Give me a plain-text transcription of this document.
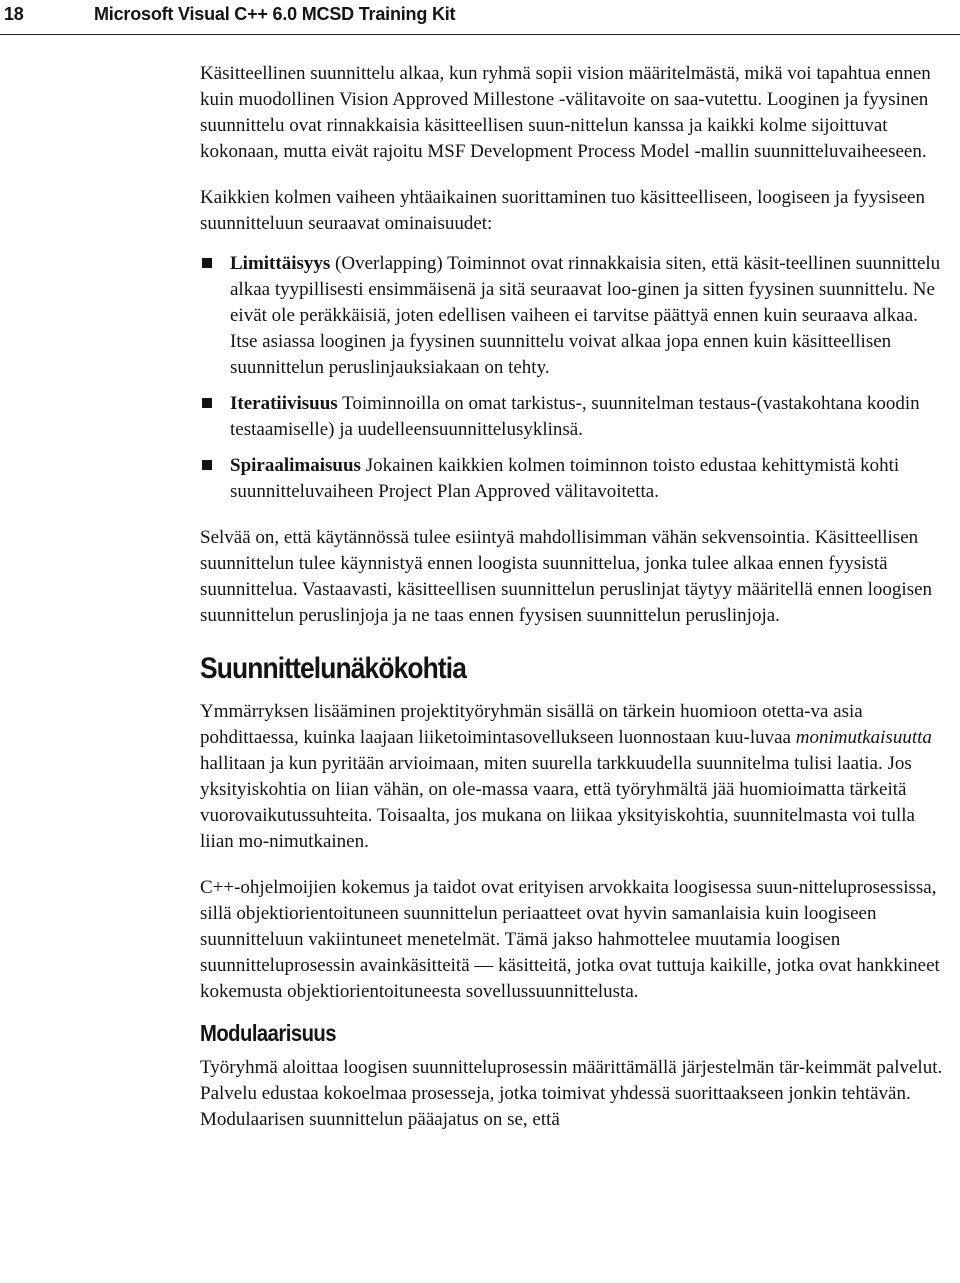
18	Microsoft Visual C++ 6.0 MCSD Training Kit

Käsitteellinen suunnittelu alkaa, kun ryhmä sopii vision määritelmästä, mikä voi tapahtua ennen kuin muodollinen Vision Approved Millestone -välitavoite on saa-vutettu. Looginen ja fyysinen suunnittelu ovat rinnakkaisia käsitteellisen suun-nittelun kanssa ja kaikki kolme sijoittuvat kokonaan, mutta eivät rajoitu MSF Development Process Model -mallin suunnitteluvaiheeseen.

Kaikkien kolmen vaiheen yhtäaikainen suorittaminen tuo käsitteelliseen, loogiseen ja fyysiseen suunnitteluun seuraavat ominaisuudet:

Limittäisyys (Overlapping) Toiminnot ovat rinnakkaisia siten, että käsit-teellinen suunnittelu alkaa tyypillisesti ensimmäisenä ja sitä seuraavat loo-ginen ja sitten fyysinen suunnittelu. Ne eivät ole peräkkäisiä, joten edellisen vaiheen ei tarvitse päättyä ennen kuin seuraava alkaa. Itse asiassa looginen ja fyysinen suunnittelu voivat alkaa jopa ennen kuin käsitteellisen suunnittelun peruslinjauksiakaan on tehty.
Iteratiivisuus Toiminnoilla on omat tarkistus-, suunnitelman testaus-(vastakohtana koodin testaamiselle) ja uudelleensuunnittelusyklinsä.
Spiraalimaisuus Jokainen kaikkien kolmen toiminnon toisto edustaa kehittymistä kohti suunnitteluvaiheen Project Plan Approved välitavoitetta.

Selvää on, että käytännössä tulee esiintyä mahdollisimman vähän sekvensointia. Käsitteellisen suunnittelun tulee käynnistyä ennen loogista suunnittelua, jonka tulee alkaa ennen fyysistä suunnittelua. Vastaavasti, käsitteellisen suunnittelun peruslinjat täytyy määritellä ennen loogisen suunnittelun peruslinjoja ja ne taas ennen fyysisen suunnittelun peruslinjoja.

Suunnittelunäkökohtia

Ymmärryksen lisääminen projektityöryhmän sisällä on tärkein huomioon otetta-va asia pohdittaessa, kuinka laajaan liiketoimintasovellukseen luonnostaan kuu-luvaa monimutkaisuutta hallitaan ja kun pyritään arvioimaan, miten suurella tarkkuudella suunnitelma tulisi laatia. Jos yksityiskohtia on liian vähän, on ole-massa vaara, että työryhmältä jää huomioimatta tärkeitä vuorovaikutussuhteita. Toisaalta, jos mukana on liikaa yksityiskohtia, suunnitelmasta voi tulla liian mo-nimutkainen.

C++-ohjelmoijien kokemus ja taidot ovat erityisen arvokkaita loogisessa suun-nitteluprosessissa, sillä objektiorientoituneen suunnittelun periaatteet ovat hyvin samanlaisia kuin loogiseen suunnitteluun vakiintuneet menetelmät. Tämä jakso hahmottelee muutamia loogisen suunnitteluprosessin avainkäsitteitä — käsitteitä, jotka ovat tuttuja kaikille, jotka ovat hankkineet kokemusta objektiorientoituneesta sovellussuunnittelusta.

Modulaarisuus

Työryhmä aloittaa loogisen suunnitteluprosessin määrittämällä järjestelmän tär-keimmät palvelut. Palvelu edustaa kokoelmaa prosesseja, jotka toimivat yhdessä suorittaakseen jonkin tehtävän. Modulaarisen suunnittelun pääajatus on se, että
